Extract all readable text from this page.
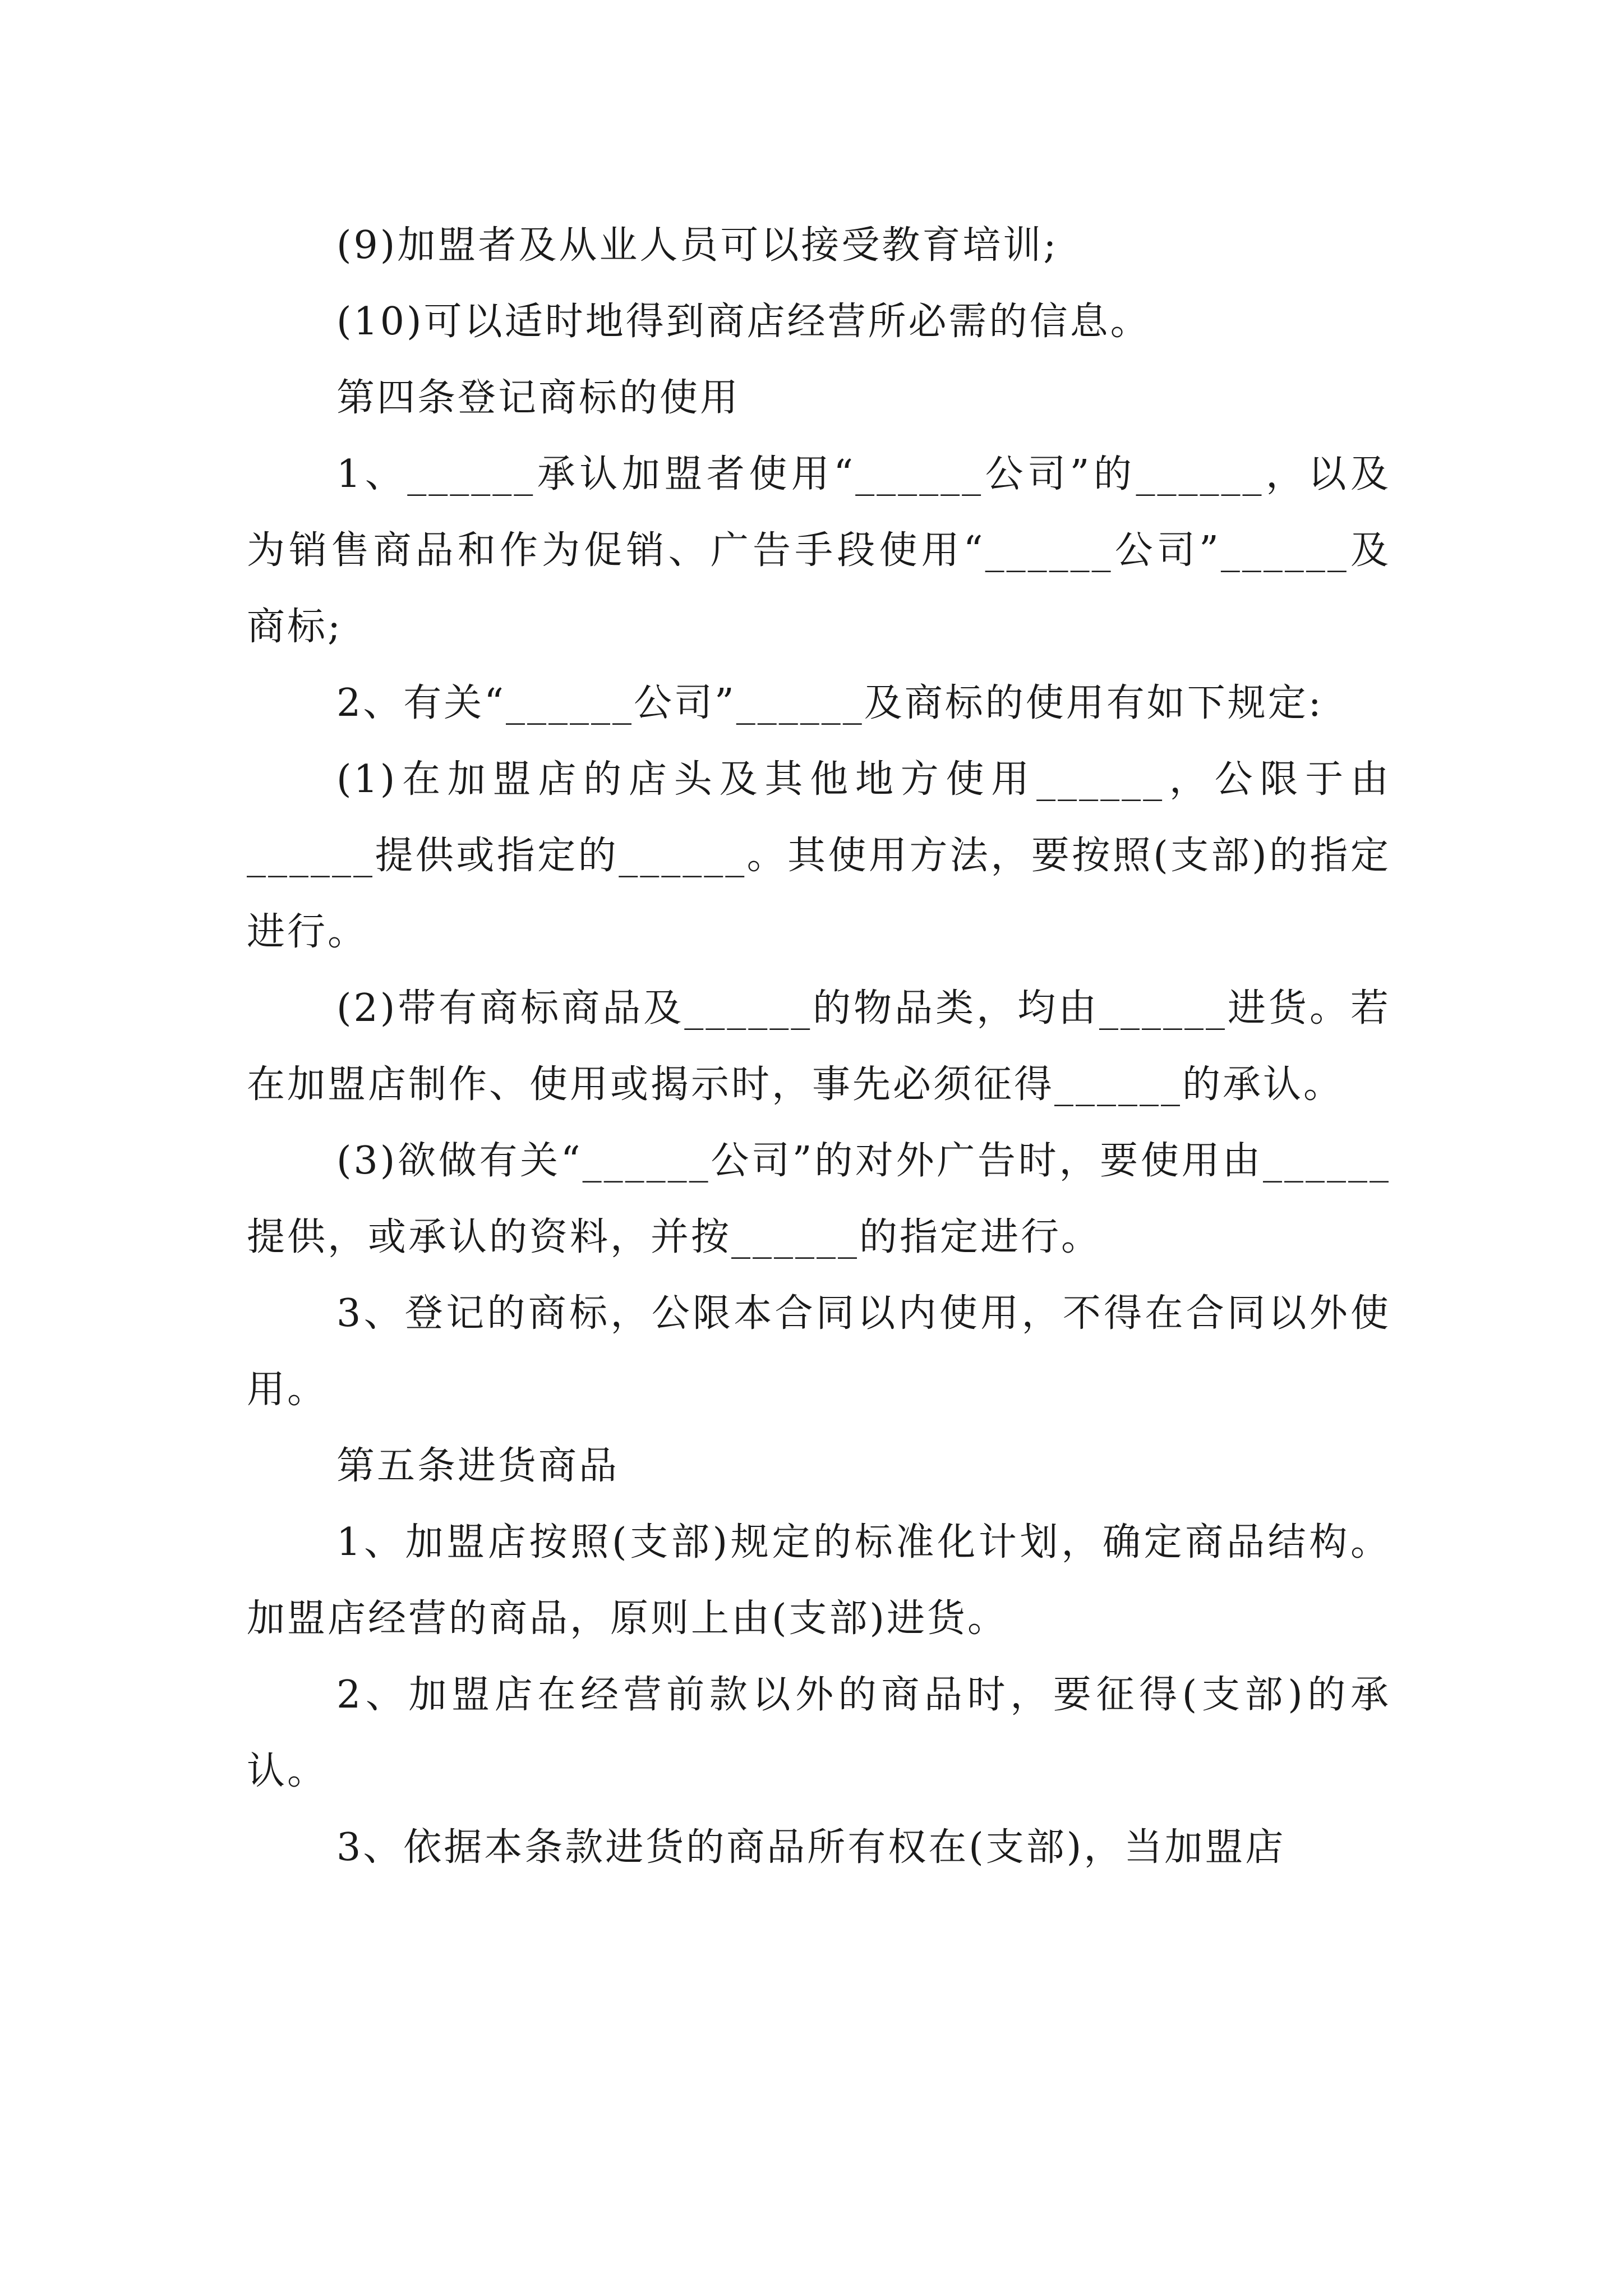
(9)加盟者及从业人员可以接受教育培训;

(10)可以适时地得到商店经营所必需的信息。

第四条登记商标的使用

1、______承认加盟者使用“______公司”的______，以及为销售商品和作为促销、广告手段使用“______公司”______及商标;

2、有关“______公司”______及商标的使用有如下规定:

(1)在加盟店的店头及其他地方使用______，公限于由______提供或指定的______。其使用方法，要按照(支部)的指定进行。

(2)带有商标商品及______的物品类，均由______进货。若在加盟店制作、使用或揭示时，事先必须征得______的承认。

(3)欲做有关“______公司”的对外广告时，要使用由______提供，或承认的资料，并按______的指定进行。

3、登记的商标，公限本合同以内使用，不得在合同以外使用。

第五条进货商品

1、加盟店按照(支部)规定的标准化计划，确定商品结构。加盟店经营的商品，原则上由(支部)进货。

2、加盟店在经营前款以外的商品时，要征得(支部)的承认。

3、依据本条款进货的商品所有权在(支部)，当加盟店
